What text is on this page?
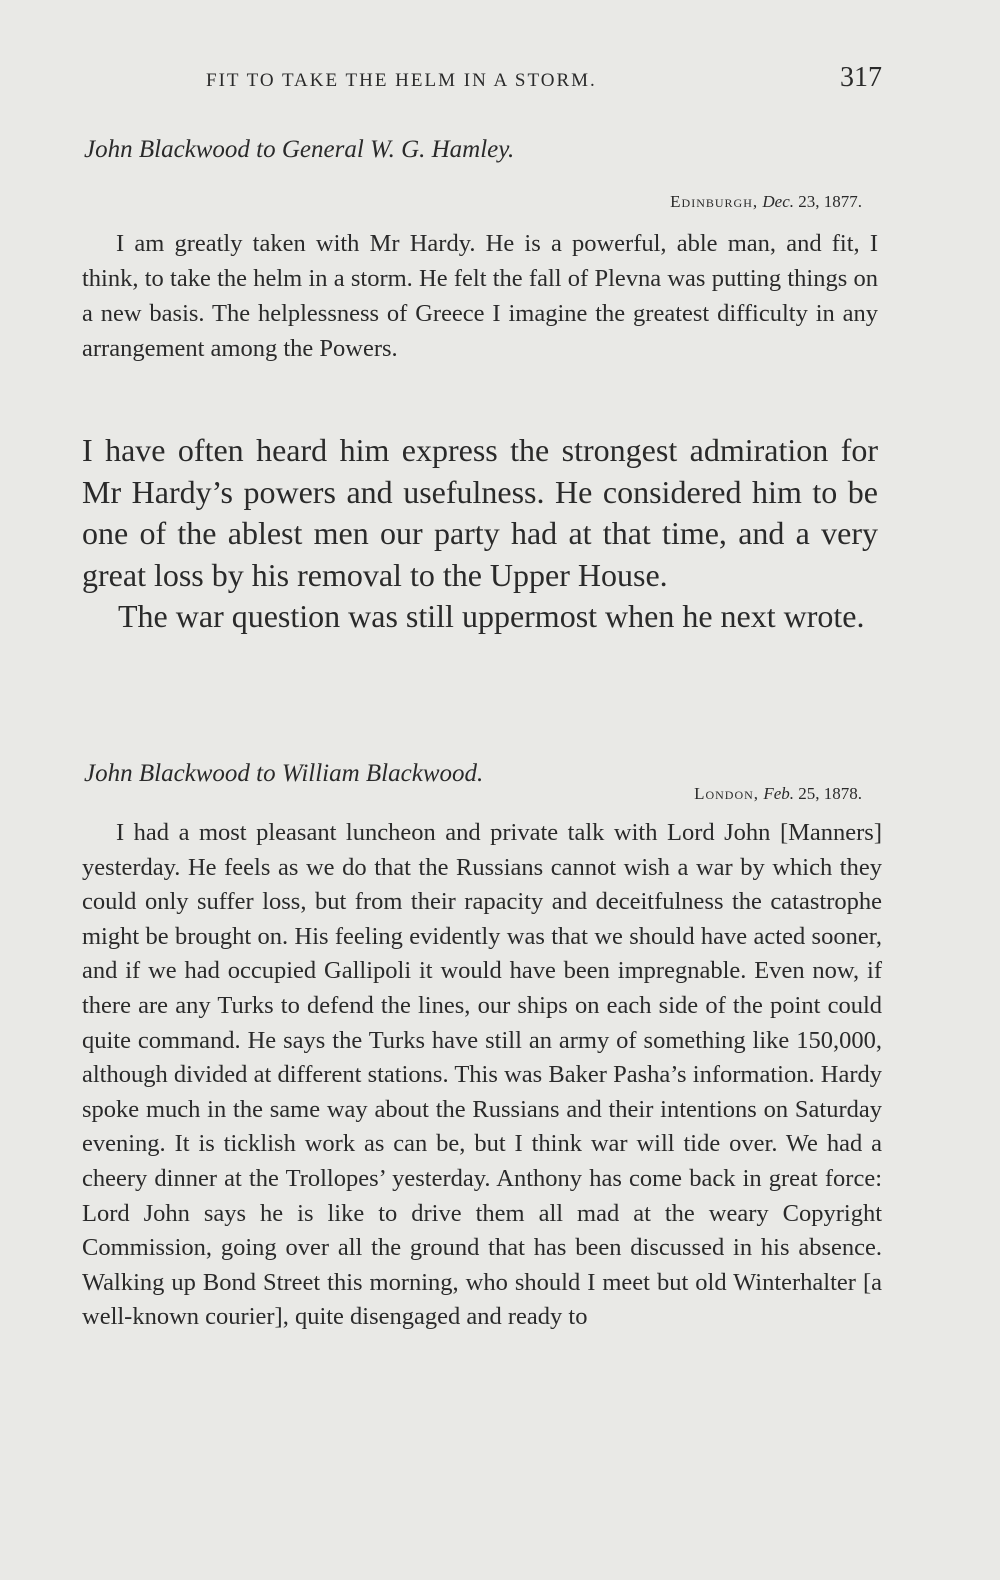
FIT TO TAKE THE HELM IN A STORM.	317
John Blackwood to General W. G. Hamley.
Edinburgh, Dec. 23, 1877.

I am greatly taken with Mr Hardy. He is a powerful, able man, and fit, I think, to take the helm in a storm. He felt the fall of Plevna was putting things on a new basis. The helplessness of Greece I imagine the greatest difficulty in any arrangement among the Powers.

I have often heard him express the strongest admiration for Mr Hardy’s powers and usefulness. He considered him to be one of the ablest men our party had at that time, and a very great loss by his removal to the Upper House.
The war question was still uppermost when he next wrote.
John Blackwood to William Blackwood.
London, Feb. 25, 1878.

I had a most pleasant luncheon and private talk with Lord John [Manners] yesterday. He feels as we do that the Russians cannot wish a war by which they could only suffer loss, but from their rapacity and deceitfulness the catastrophe might be brought on. His feeling evidently was that we should have acted sooner, and if we had occupied Gallipoli it would have been impregnable. Even now, if there are any Turks to defend the lines, our ships on each side of the point could quite command. He says the Turks have still an army of something like 150,000, although divided at different stations. This was Baker Pasha’s information. Hardy spoke much in the same way about the Russians and their intentions on Saturday evening. It is ticklish work as can be, but I think war will tide over. We had a cheery dinner at the Trollopes’ yesterday. Anthony has come back in great force: Lord John says he is like to drive them all mad at the weary Copyright Commission, going over all the ground that has been discussed in his absence. Walking up Bond Street this morning, who should I meet but old Winterhalter [a well-known courier], quite disengaged and ready to
